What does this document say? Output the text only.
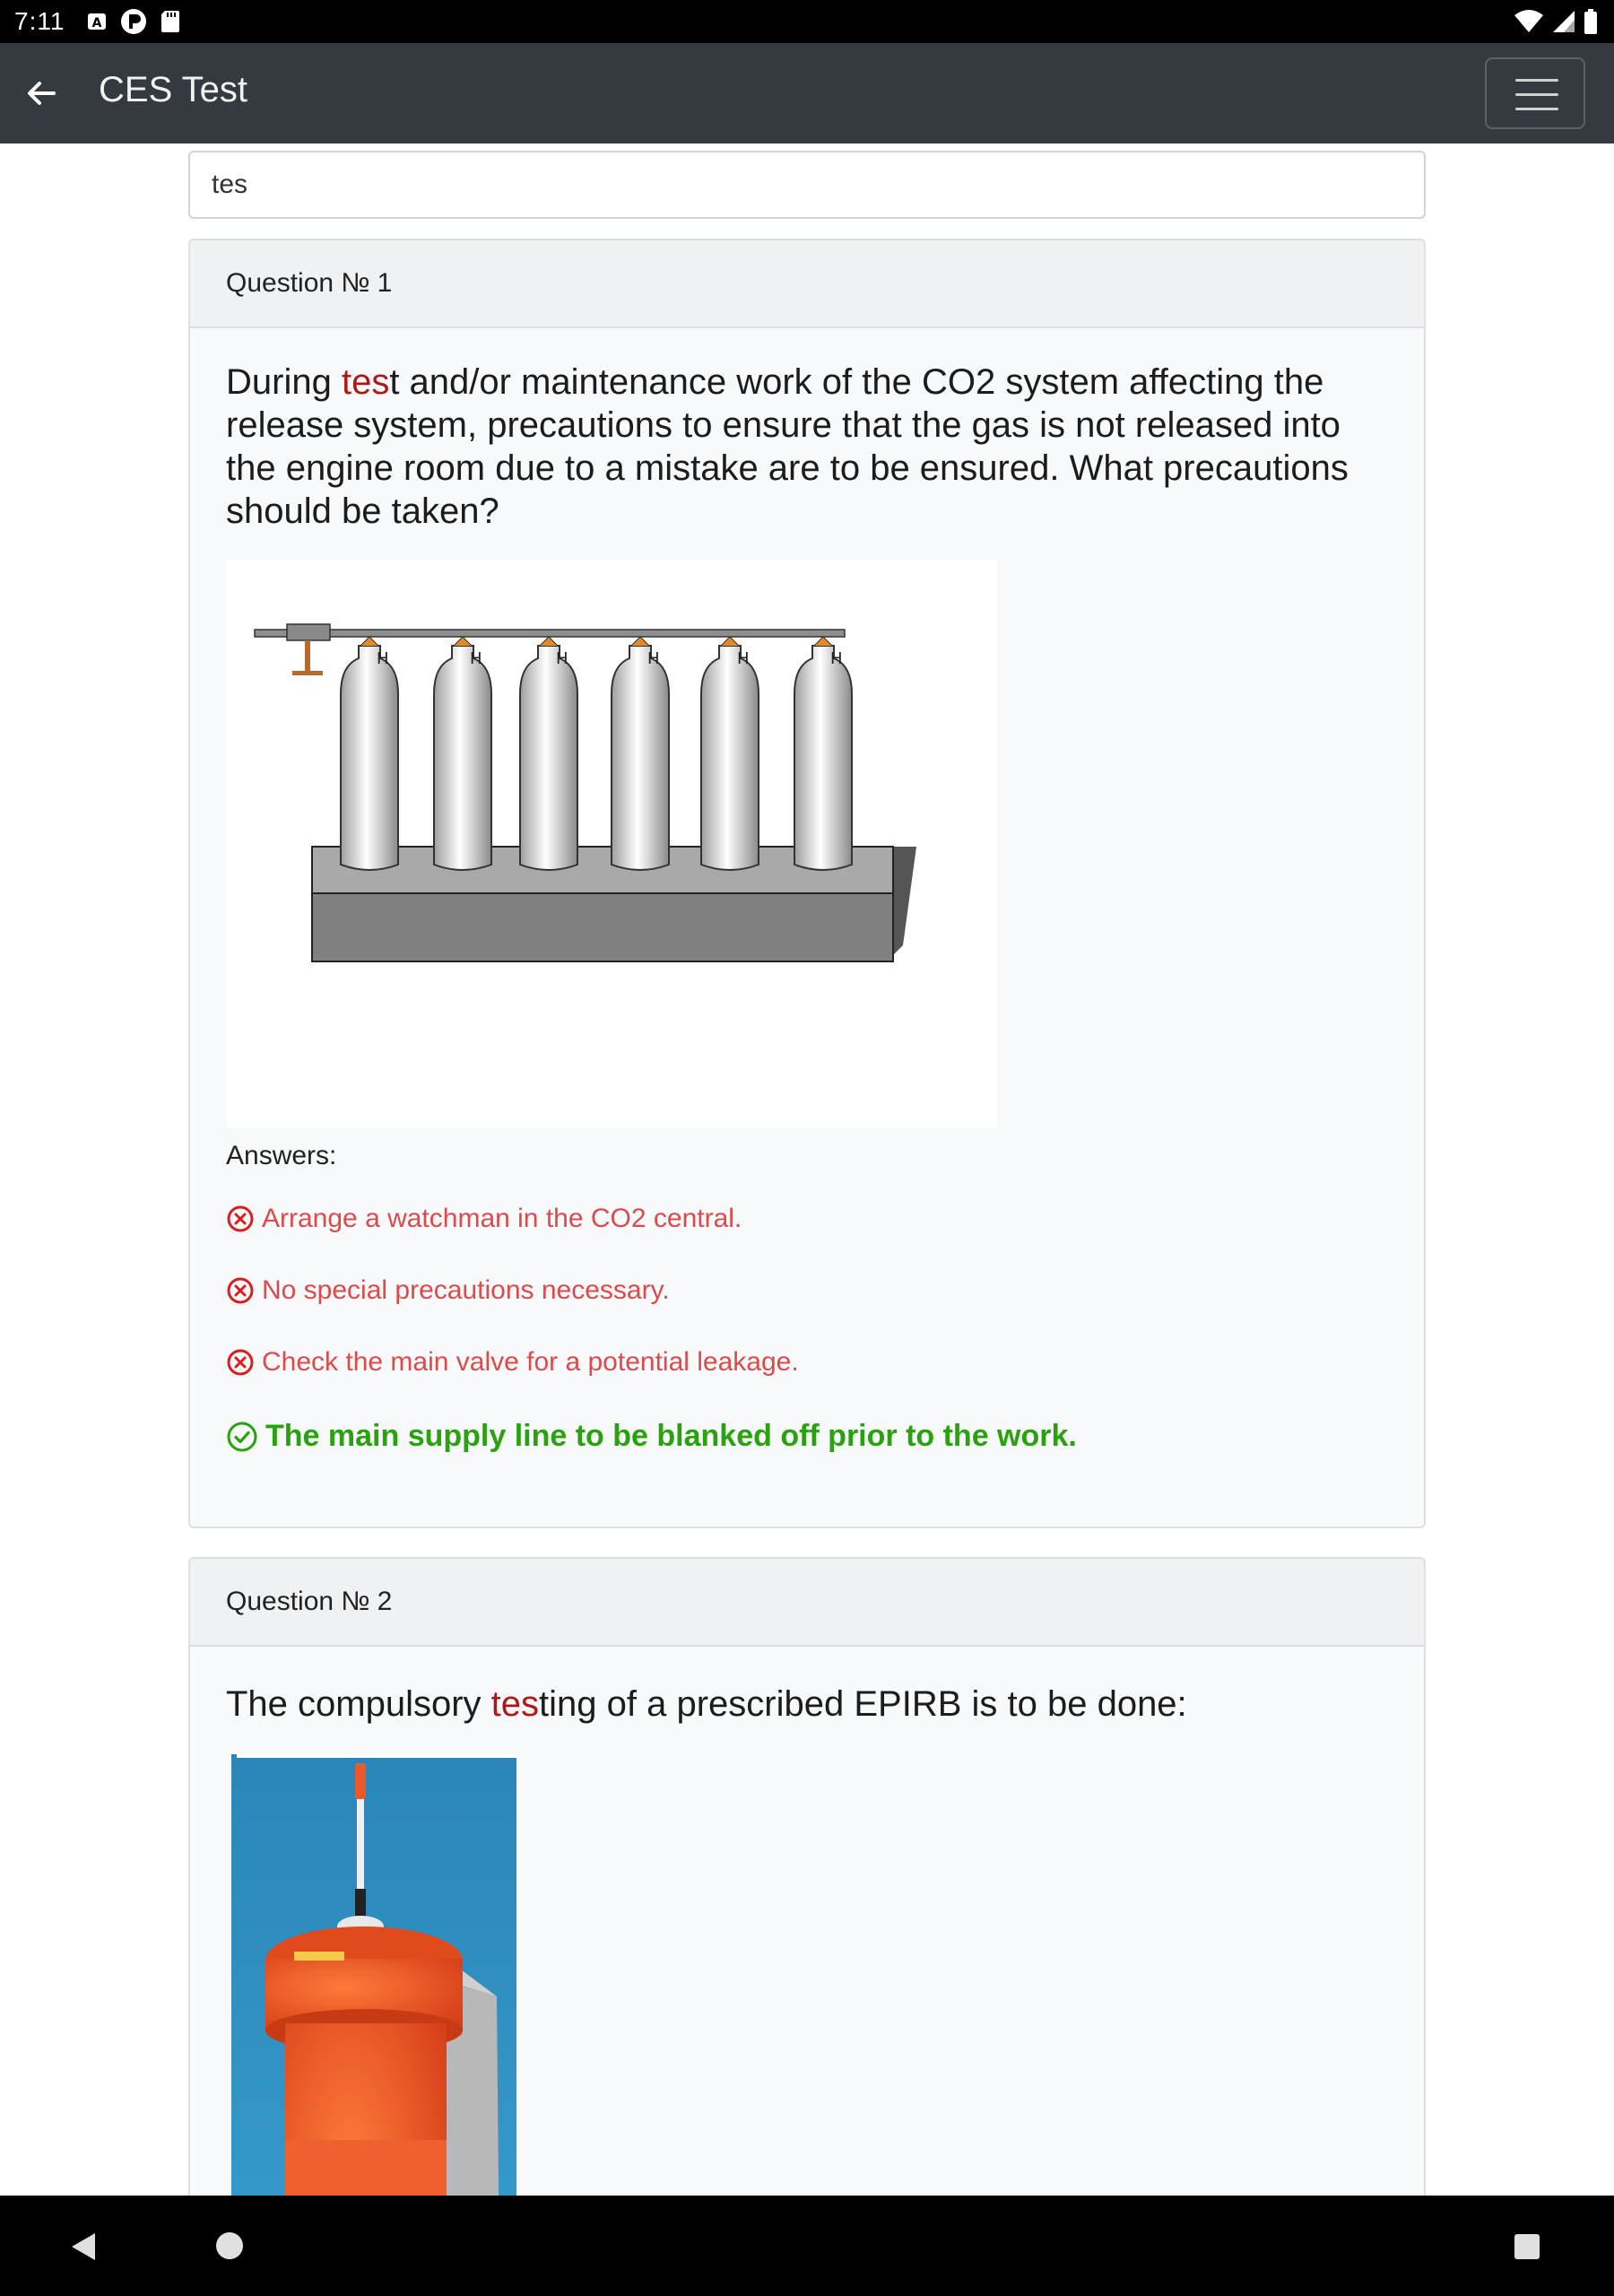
7:11 A
CES Test
tes
Question № 1
During test and/or maintenance work of the CO2 system affecting the release system, precautions to ensure that the gas is not released into the engine room due to a mistake are to be ensured. What precautions should be taken?
H	H	H	H	H	H
Answers:
Arrange a watchman in the CO2 central.
No special precautions necessary.
Check the main valve for a potential leakage.
The main supply line to be blanked off prior to the work.
Question № 2
The compulsory testing of a prescribed EPIRB is to be done:
